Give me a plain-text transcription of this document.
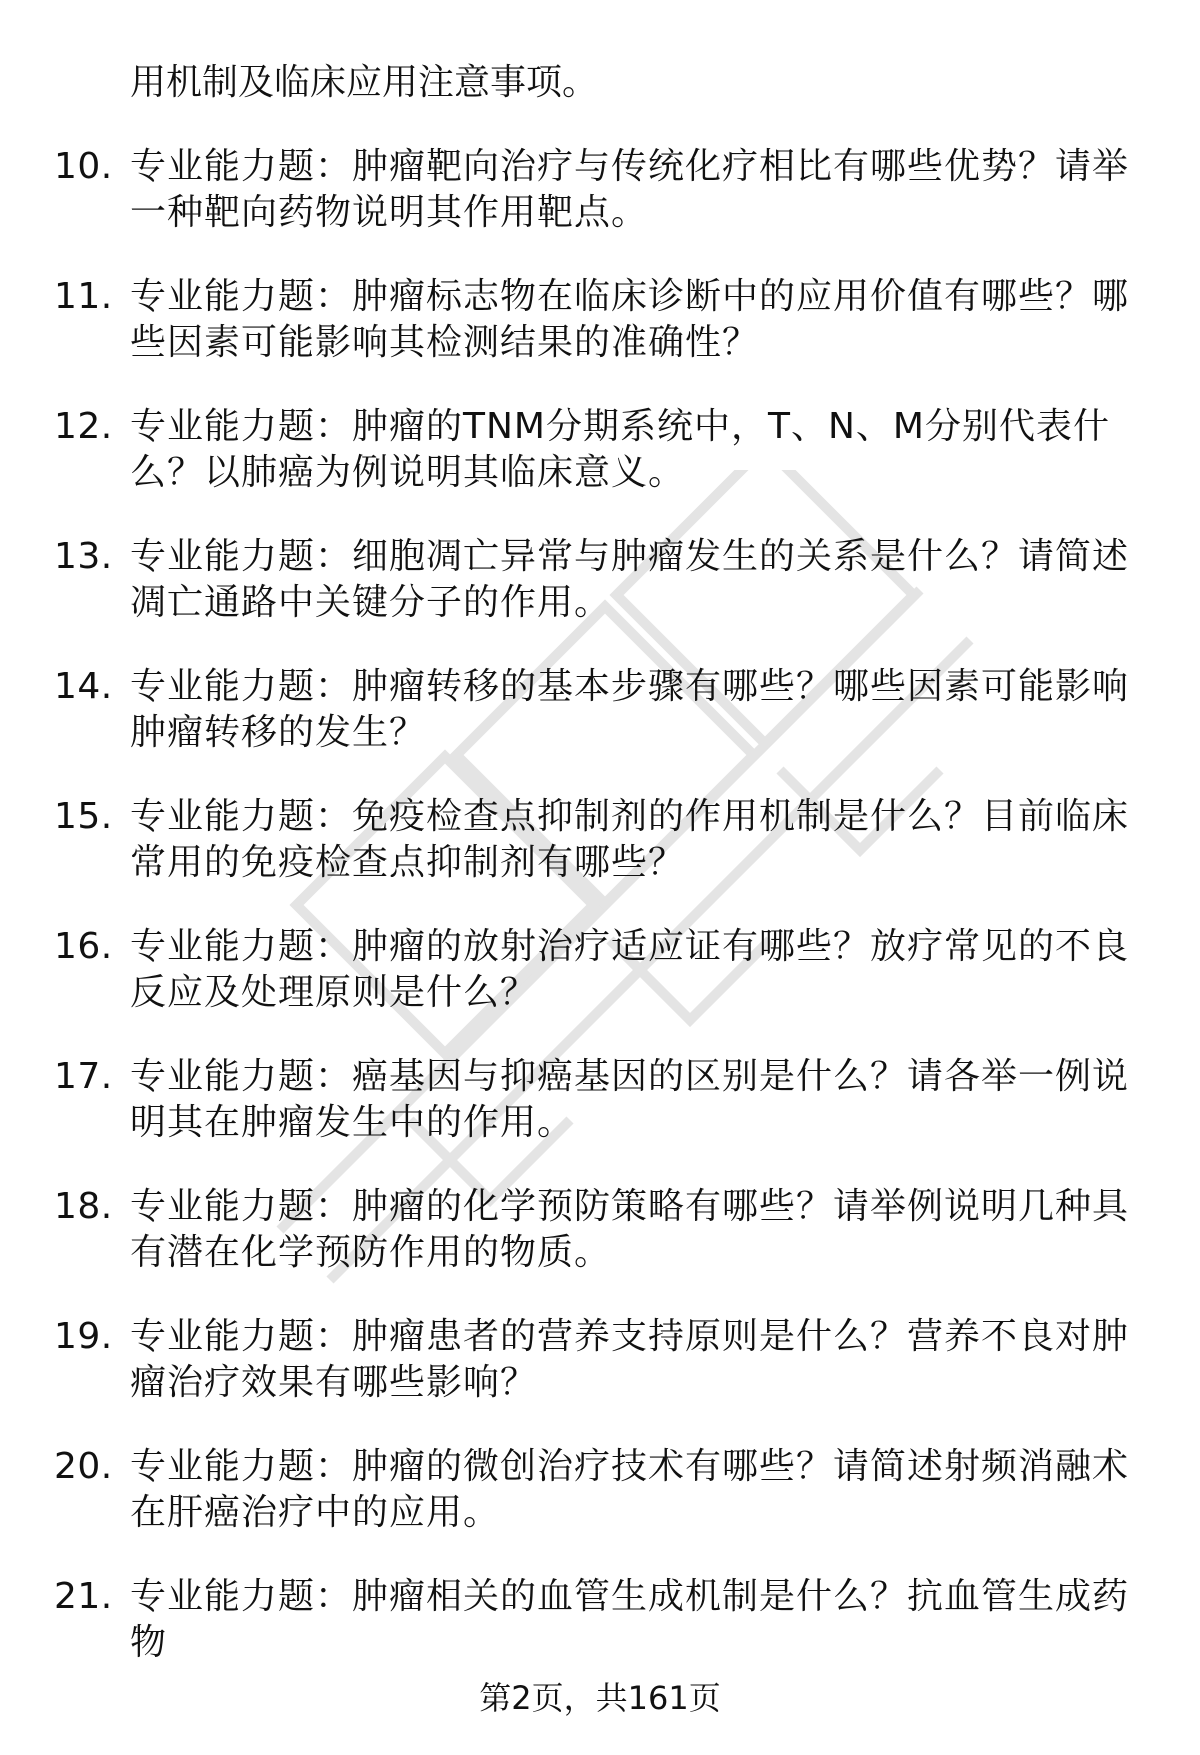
用机制及临床应用注意事项。
10. 专业能力题：肿瘤靶向治疗与传统化疗相比有哪些优势？请举一种靶向药物说明其作用靶点。
11. 专业能力题：肿瘤标志物在临床诊断中的应用价值有哪些？哪些因素可能影响其检测结果的准确性？
12. 专业能力题：肿瘤的TNM分期系统中，T、N、M分别代表什么？以肺癌为例说明其临床意义。
13. 专业能力题：细胞凋亡异常与肿瘤发生的关系是什么？请简述凋亡通路中关键分子的作用。
14. 专业能力题：肿瘤转移的基本步骤有哪些？哪些因素可能影响肿瘤转移的发生？
15. 专业能力题：免疫检查点抑制剂的作用机制是什么？目前临床常用的免疫检查点抑制剂有哪些？
16. 专业能力题：肿瘤的放射治疗适应证有哪些？放疗常见的不良反应及处理原则是什么？
17. 专业能力题：癌基因与抑癌基因的区别是什么？请各举一例说明其在肿瘤发生中的作用。
18. 专业能力题：肿瘤的化学预防策略有哪些？请举例说明几种具有潜在化学预防作用的物质。
19. 专业能力题：肿瘤患者的营养支持原则是什么？营养不良对肿瘤治疗效果有哪些影响？
20. 专业能力题：肿瘤的微创治疗技术有哪些？请简述射频消融术在肝癌治疗中的应用。
21. 专业能力题：肿瘤相关的血管生成机制是什么？抗血管生成药物
第2页，共161页
